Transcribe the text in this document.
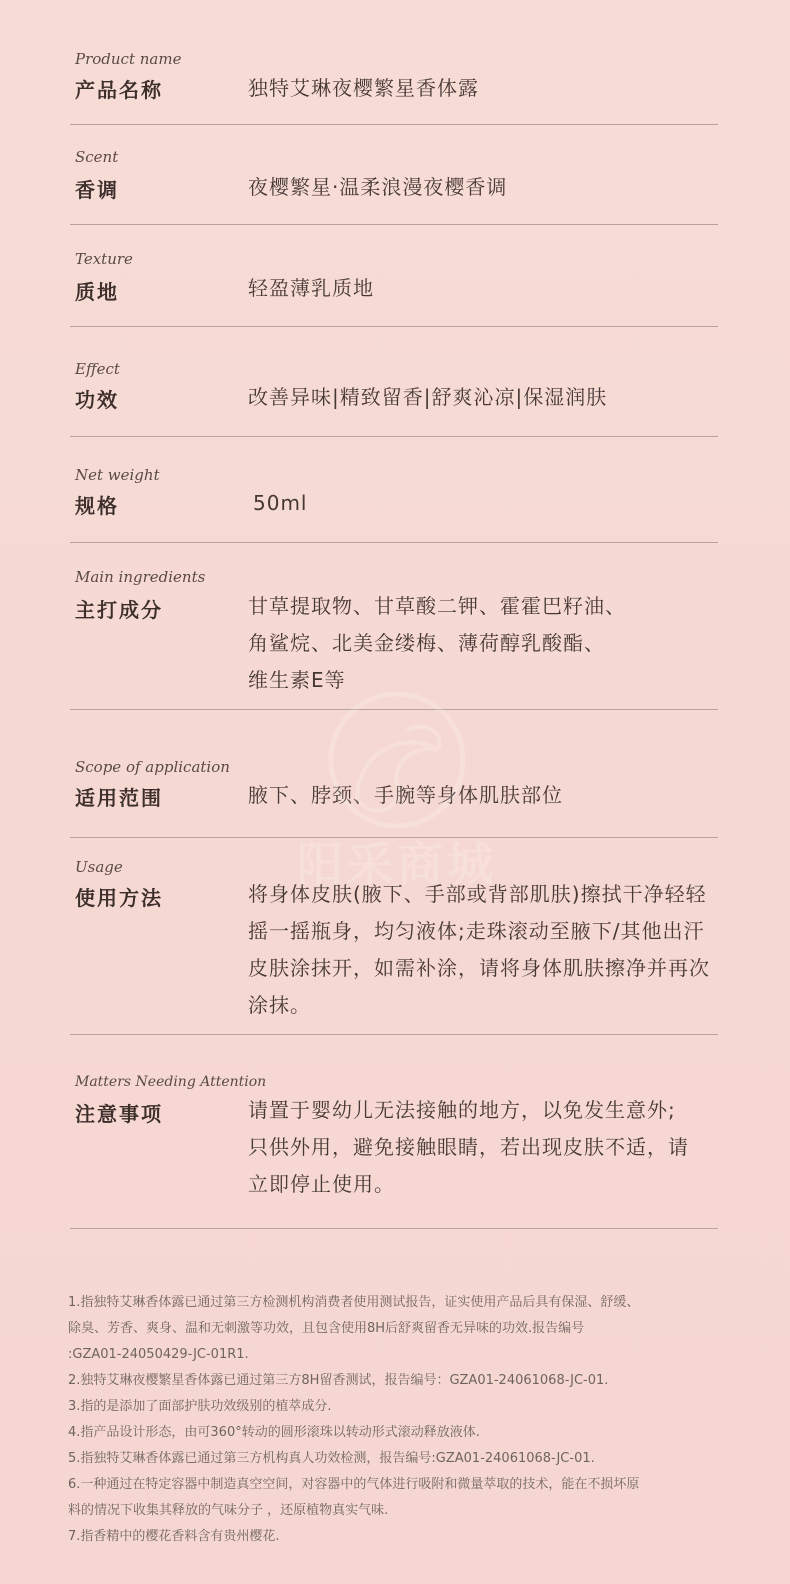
Product name
产品名称	独特艾琳夜樱繁星香体露
Scent
香调	夜樱繁星·温柔浪漫夜樱香调
Texture
质地	轻盈薄乳质地
Effect
功效	改善异味|精致留香|舒爽沁凉|保湿润肤
Net weight
规格	50ml
Main ingredients
主打成分	甘草提取物、甘草酸二钾、霍霍巴籽油、
角鲨烷、北美金缕梅、薄荷醇乳酸酯、
维生素E等
Scope of application
适用范围	腋下、脖颈、手腕等身体肌肤部位
Usage
使用方法	将身体皮肤(腋下、手部或背部肌肤)擦拭干净轻轻
摇一摇瓶身，均匀液体;走珠滚动至腋下/其他出汗
皮肤涂抹开，如需补涂，请将身体肌肤擦净并再次
涂抹。
Matters Needing Attention
注意事项	请置于婴幼儿无法接触的地方，以免发生意外;
只供外用，避免接触眼睛，若出现皮肤不适，请
立即停止使用。
阳采商城
1.指独特艾琳香体露已通过第三方检测机构消费者使用测试报告，证实使用产品后具有保湿、舒缓、
除臭、芳香、爽身、温和无刺激等功效，且包含使用8H后舒爽留香无异味的功效.报告编号
:GZA01-24050429-JC-01R1.
2.独特艾琳夜樱繁星香体露已通过第三方8H留香测试，报告编号：GZA01-24061068-JC-01.
3.指的是添加了面部护肤功效级别的植萃成分.
4.指产品设计形态，由可360°转动的圆形滚珠以转动形式滚动释放液体.
5.指独特艾琳香体露已通过第三方机构真人功效检测，报告编号:GZA01-24061068-JC-01.
6.一种通过在特定容器中制造真空空间，对容器中的气体进行吸附和微量萃取的技术，能在不损坏原
料的情况下收集其释放的气味分子 ，还原植物真实气味.
7.指香精中的樱花香料含有贵州樱花.
